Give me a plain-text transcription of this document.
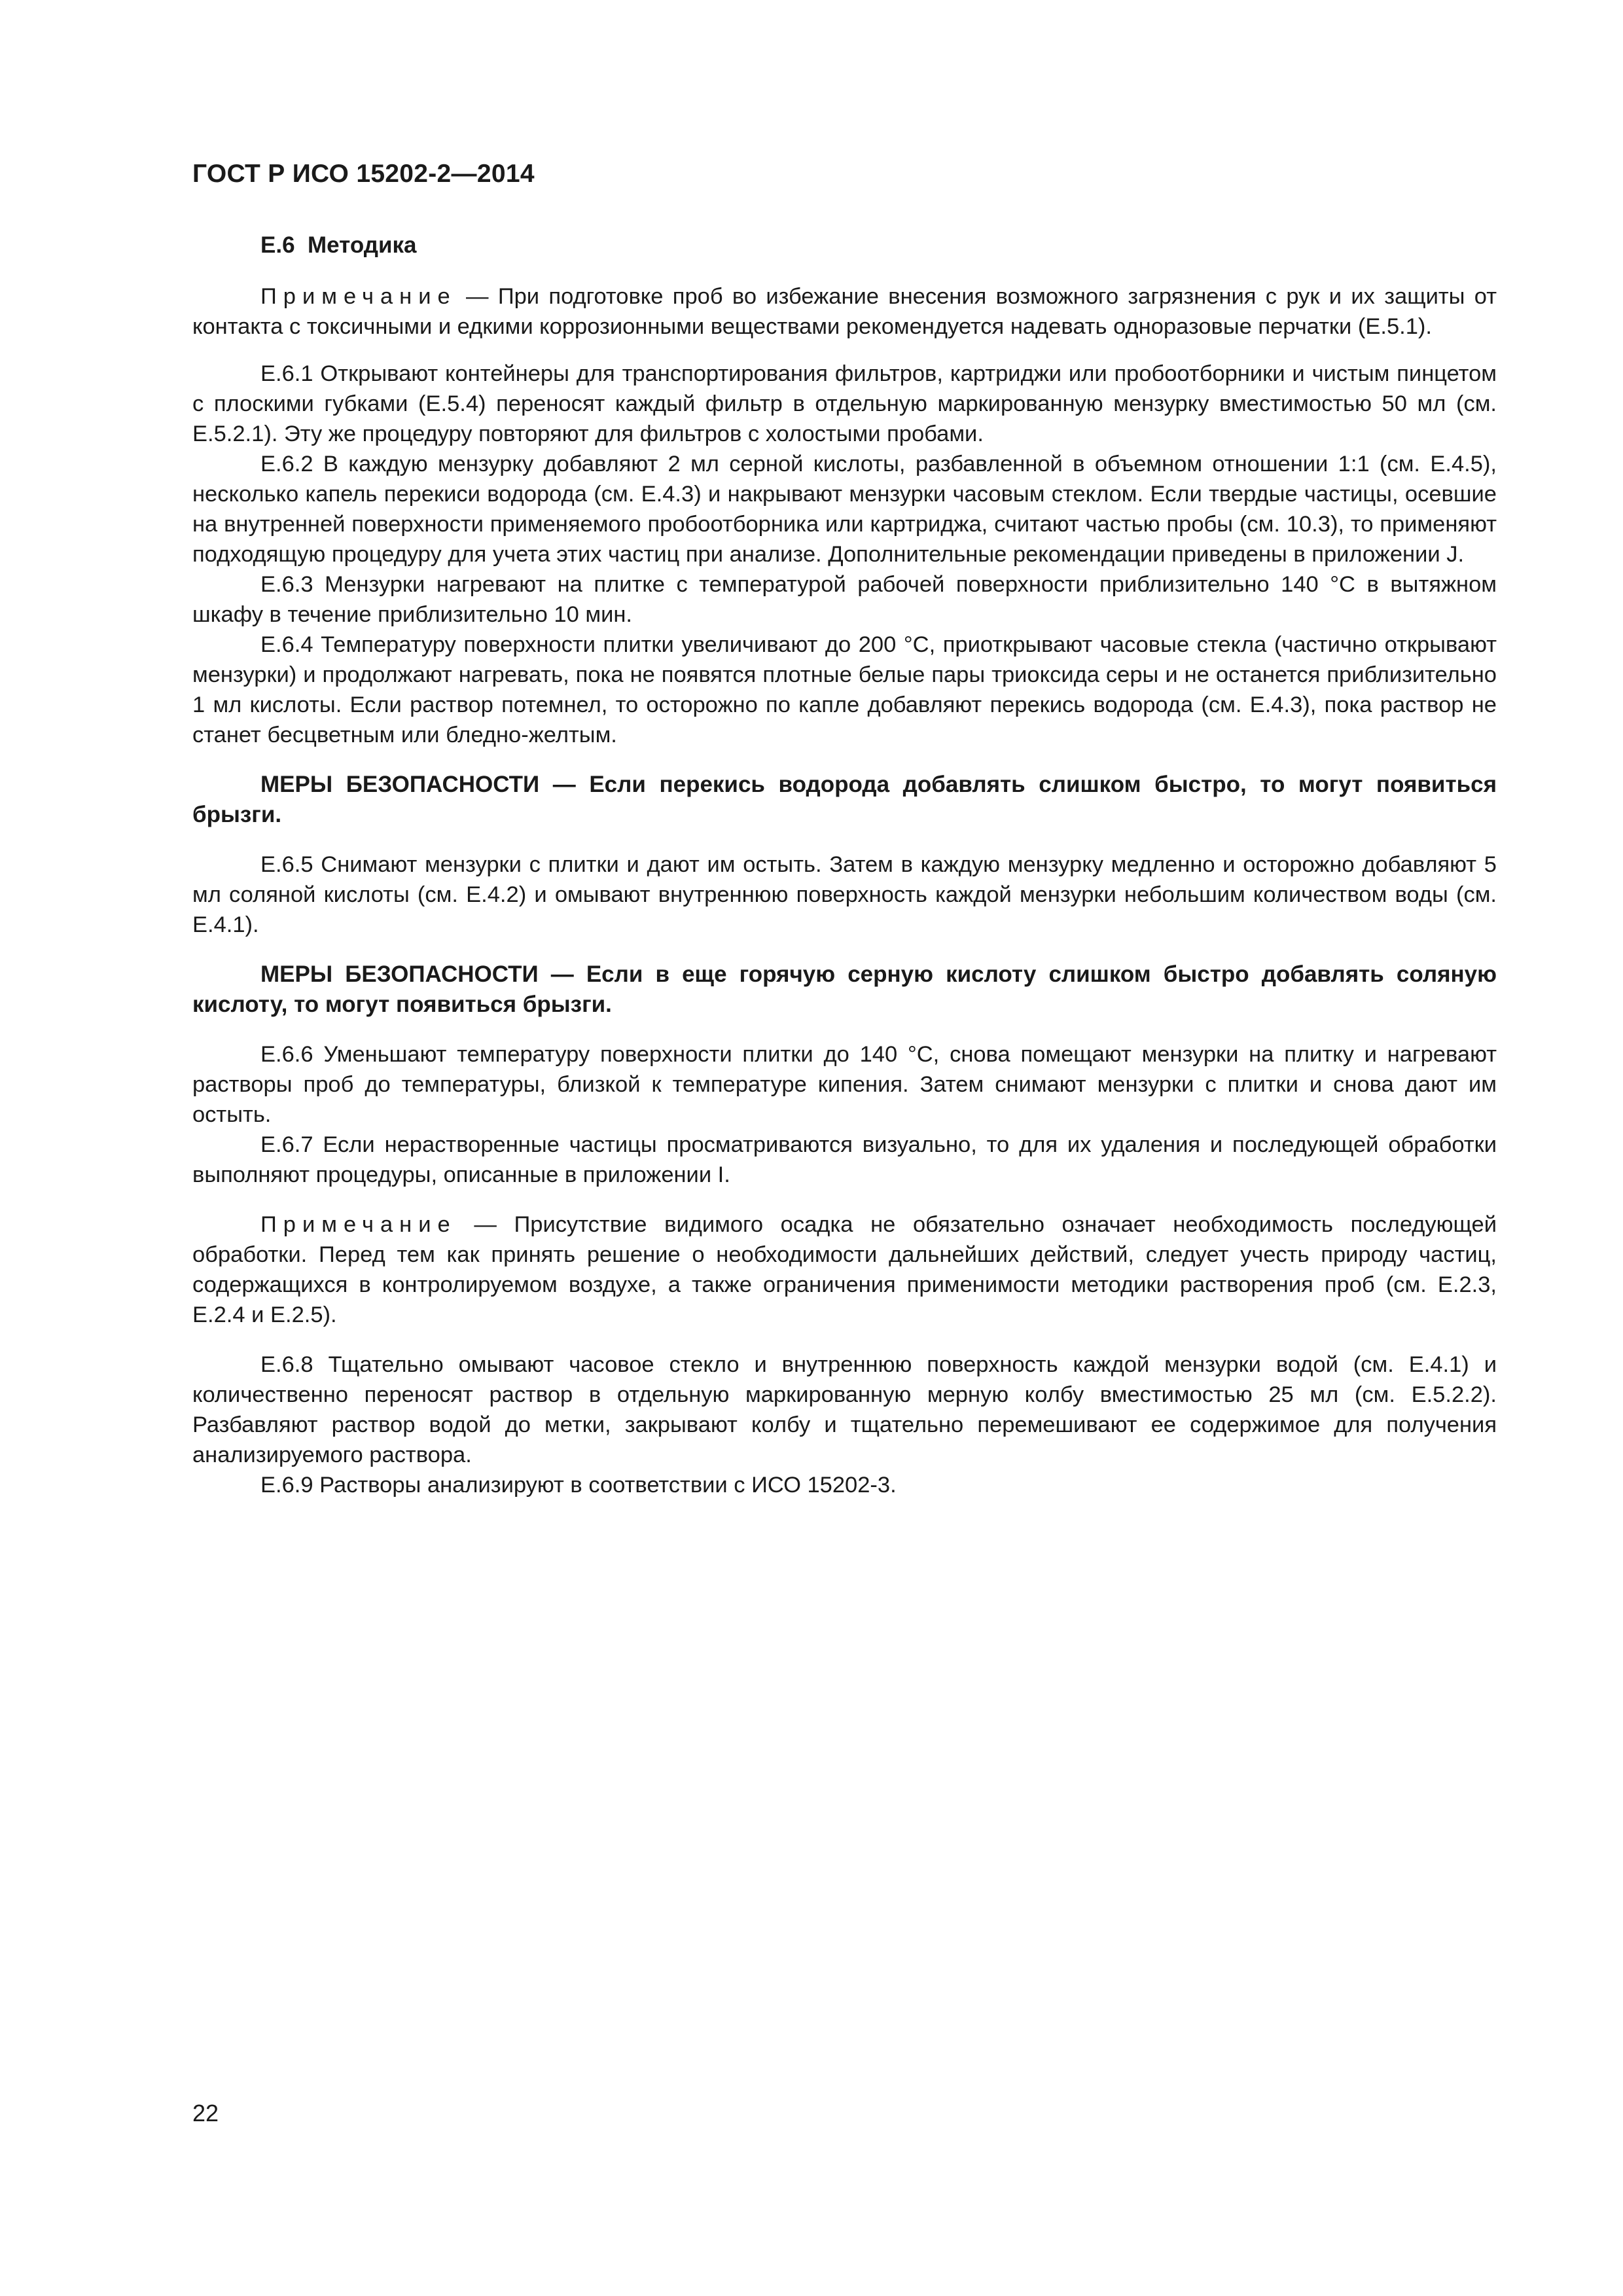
ГОСТ Р ИСО 15202-2—2014
Е.6 Методика

Примечание — При подготовке проб во избежание внесения возможного загрязнения с рук и их защиты от контакта с токсичными и едкими коррозионными веществами рекомендуется надевать одноразовые перчатки (Е.5.1).

Е.6.1 Открывают контейнеры для транспортирования фильтров, картриджи или пробоотборники и чистым пинцетом с плоскими губками (Е.5.4) переносят каждый фильтр в отдельную маркированную мензурку вместимостью 50 мл (см. Е.5.2.1). Эту же процедуру повторяют для фильтров с холостыми пробами.

Е.6.2 В каждую мензурку добавляют 2 мл серной кислоты, разбавленной в объемном отношении 1:1 (см. Е.4.5), несколько капель перекиси водорода (см. Е.4.3) и накрывают мензурки часовым стеклом. Если твердые частицы, осевшие на внутренней поверхности применяемого пробоотборника или картриджа, считают частью пробы (см. 10.3), то применяют подходящую процедуру для учета этих частиц при анализе. Дополнительные рекомендации приведены в приложении J.

Е.6.3 Мензурки нагревают на плитке с температурой рабочей поверхности приблизительно 140 °С в вытяжном шкафу в течение приблизительно 10 мин.

Е.6.4 Температуру поверхности плитки увеличивают до 200 °С, приоткрывают часовые стекла (частично открывают мензурки) и продолжают нагревать, пока не появятся плотные белые пары триоксида серы и не останется приблизительно 1 мл кислоты. Если раствор потемнел, то осторожно по капле добавляют перекись водорода (см. Е.4.3), пока раствор не станет бесцветным или бледно-желтым.

МЕРЫ БЕЗОПАСНОСТИ — Если перекись водорода добавлять слишком быстро, то могут появиться брызги.

Е.6.5 Снимают мензурки с плитки и дают им остыть. Затем в каждую мензурку медленно и осторожно добавляют 5 мл соляной кислоты (см. Е.4.2) и омывают внутреннюю поверхность каждой мензурки небольшим количеством воды (см. Е.4.1).

МЕРЫ БЕЗОПАСНОСТИ — Если в еще горячую серную кислоту слишком быстро добавлять соляную кислоту, то могут появиться брызги.

Е.6.6 Уменьшают температуру поверхности плитки до 140 °С, снова помещают мензурки на плитку и нагревают растворы проб до температуры, близкой к температуре кипения. Затем снимают мензурки с плитки и снова дают им остыть.

Е.6.7 Если нерастворенные частицы просматриваются визуально, то для их удаления и последующей обработки выполняют процедуры, описанные в приложении I.

Примечание — Присутствие видимого осадка не обязательно означает необходимость последующей обработки. Перед тем как принять решение о необходимости дальнейших действий, следует учесть природу частиц, содержащихся в контролируемом воздухе, а также ограничения применимости методики растворения проб (см. Е.2.3, Е.2.4 и Е.2.5).

Е.6.8 Тщательно омывают часовое стекло и внутреннюю поверхность каждой мензурки водой (см. Е.4.1) и количественно переносят раствор в отдельную маркированную мерную колбу вместимостью 25 мл (см. Е.5.2.2). Разбавляют раствор водой до метки, закрывают колбу и тщательно перемешивают ее содержимое для получения анализируемого раствора.

Е.6.9 Растворы анализируют в соответствии с ИСО 15202-3.

22
